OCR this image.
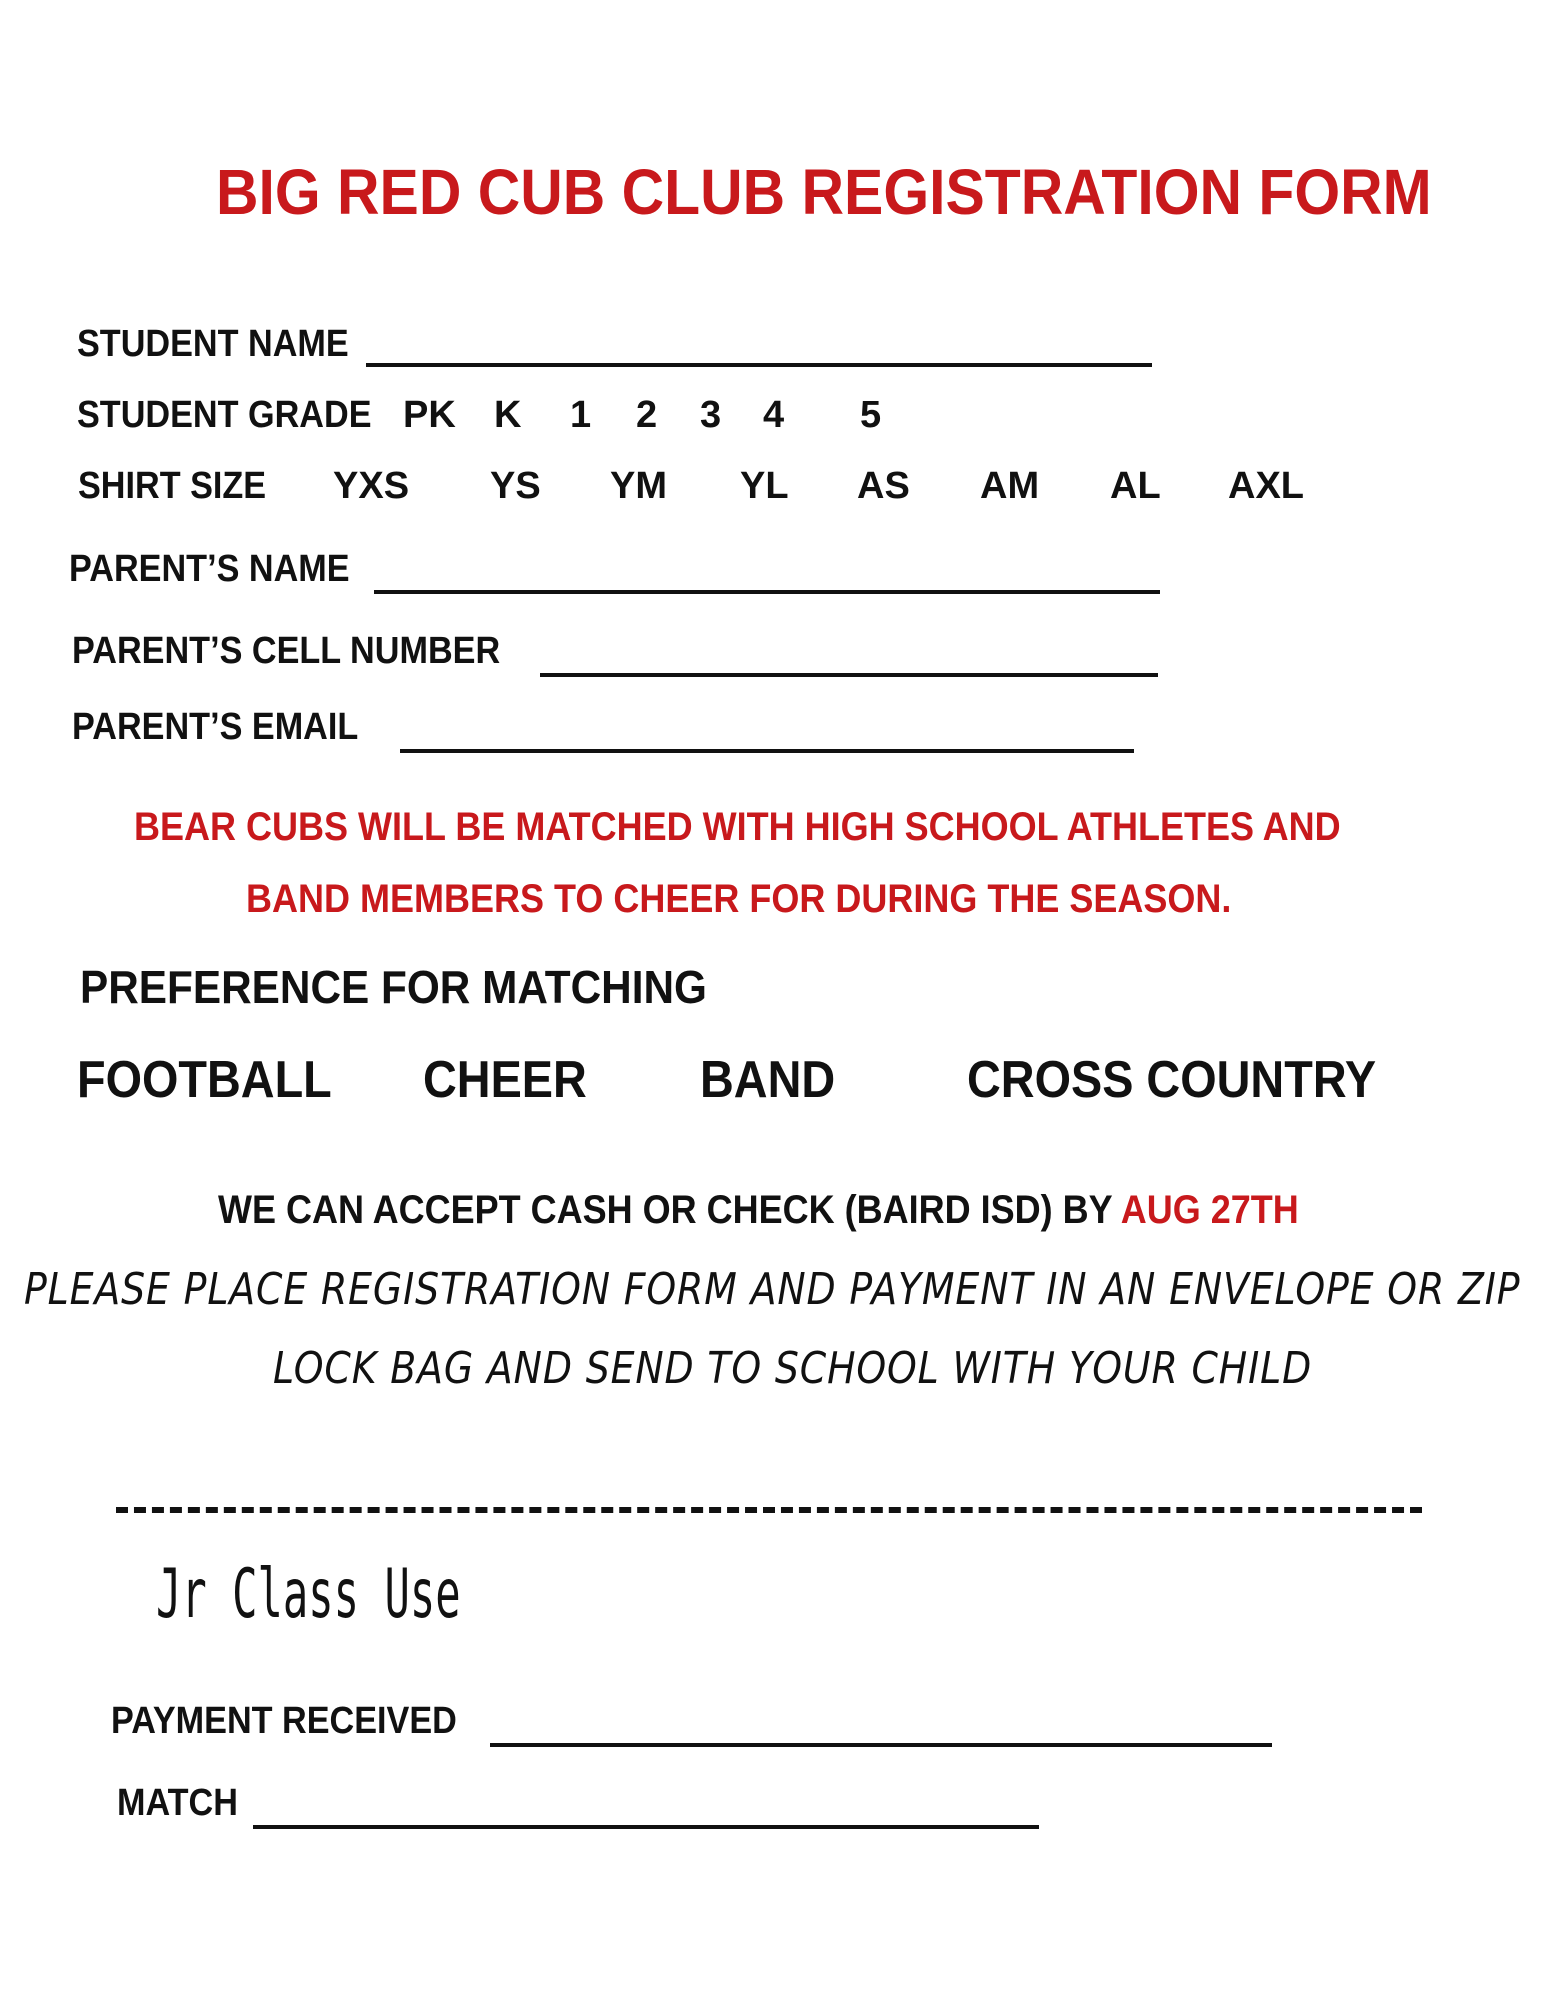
BIG RED CUB CLUB REGISTRATION FORM
STUDENT NAME
STUDENT GRADE PK K 1 2 3 4 5
SHIRT SIZE YXS YS YM YL AS AM AL AXL
PARENT’S NAME
PARENT’S CELL NUMBER
PARENT’S EMAIL
BEAR CUBS WILL BE MATCHED WITH HIGH SCHOOL ATHLETES AND
BAND MEMBERS TO CHEER FOR DURING THE SEASON.
PREFERENCE FOR MATCHING
FOOTBALL CHEER BAND	CROSS COUNTRY
WE CAN ACCEPT CASH OR CHECK (BAIRD ISD) BY AUG 27TH
PLEASE PLACE REGISTRATION FORM AND PAYMENT IN AN ENVELOPE OR ZIP
LOCK BAG AND SEND TO SCHOOL WITH YOUR CHILD
Jr Class Use
PAYMENT RECEIVED
MATCH
